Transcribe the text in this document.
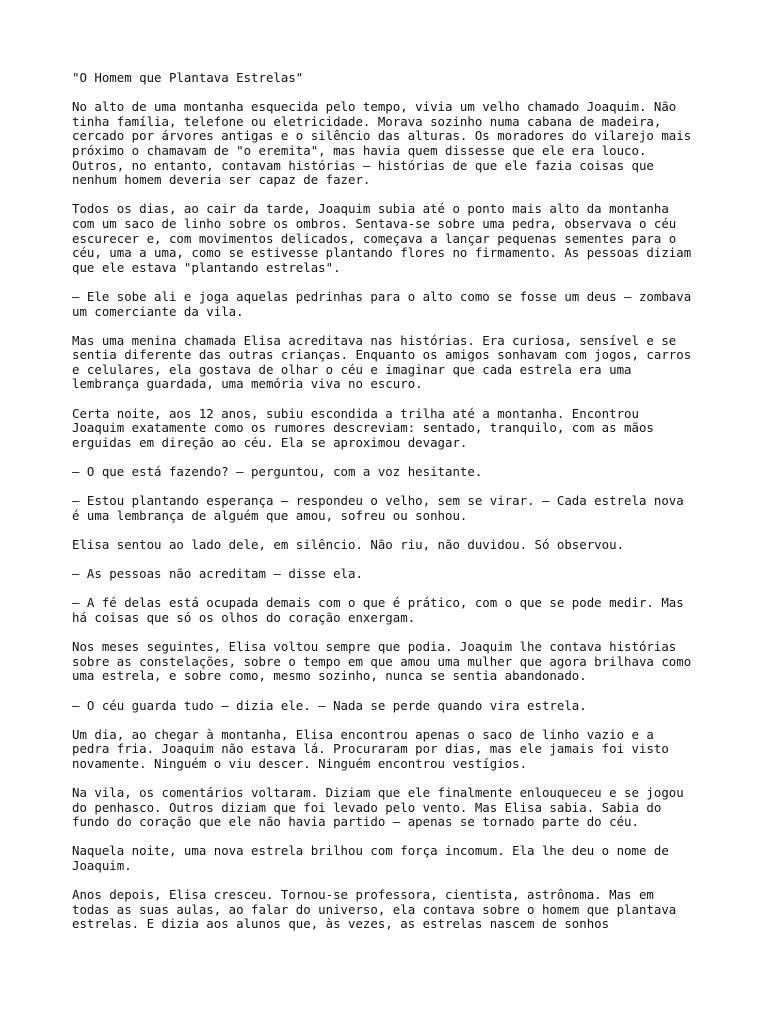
"O Homem que Plantava Estrelas"

No alto de uma montanha esquecida pelo tempo, vivia um velho chamado Joaquim. Não
tinha família, telefone ou eletricidade. Morava sozinho numa cabana de madeira,
cercado por árvores antigas e o silêncio das alturas. Os moradores do vilarejo mais
próximo o chamavam de "o eremita", mas havia quem dissesse que ele era louco.
Outros, no entanto, contavam histórias — histórias de que ele fazia coisas que
nenhum homem deveria ser capaz de fazer.

Todos os dias, ao cair da tarde, Joaquim subia até o ponto mais alto da montanha
com um saco de linho sobre os ombros. Sentava-se sobre uma pedra, observava o céu
escurecer e, com movimentos delicados, começava a lançar pequenas sementes para o
céu, uma a uma, como se estivesse plantando flores no firmamento. As pessoas diziam
que ele estava "plantando estrelas".

— Ele sobe ali e joga aquelas pedrinhas para o alto como se fosse um deus — zombava
um comerciante da vila.

Mas uma menina chamada Elisa acreditava nas histórias. Era curiosa, sensível e se
sentia diferente das outras crianças. Enquanto os amigos sonhavam com jogos, carros
e celulares, ela gostava de olhar o céu e imaginar que cada estrela era uma
lembrança guardada, uma memória viva no escuro.

Certa noite, aos 12 anos, subiu escondida a trilha até a montanha. Encontrou
Joaquim exatamente como os rumores descreviam: sentado, tranquilo, com as mãos
erguidas em direção ao céu. Ela se aproximou devagar.

— O que está fazendo? — perguntou, com a voz hesitante.

— Estou plantando esperança — respondeu o velho, sem se virar. — Cada estrela nova
é uma lembrança de alguém que amou, sofreu ou sonhou.

Elisa sentou ao lado dele, em silêncio. Não riu, não duvidou. Só observou.

— As pessoas não acreditam — disse ela.

— A fé delas está ocupada demais com o que é prático, com o que se pode medir. Mas
há coisas que só os olhos do coração enxergam.

Nos meses seguintes, Elisa voltou sempre que podia. Joaquim lhe contava histórias
sobre as constelações, sobre o tempo em que amou uma mulher que agora brilhava como
uma estrela, e sobre como, mesmo sozinho, nunca se sentia abandonado.

— O céu guarda tudo — dizia ele. — Nada se perde quando vira estrela.

Um dia, ao chegar à montanha, Elisa encontrou apenas o saco de linho vazio e a
pedra fria. Joaquim não estava lá. Procuraram por dias, mas ele jamais foi visto
novamente. Ninguém o viu descer. Ninguém encontrou vestígios.

Na vila, os comentários voltaram. Diziam que ele finalmente enlouqueceu e se jogou
do penhasco. Outros diziam que foi levado pelo vento. Mas Elisa sabia. Sabia do
fundo do coração que ele não havia partido — apenas se tornado parte do céu.

Naquela noite, uma nova estrela brilhou com força incomum. Ela lhe deu o nome de
Joaquim.

Anos depois, Elisa cresceu. Tornou-se professora, cientista, astrônoma. Mas em
todas as suas aulas, ao falar do universo, ela contava sobre o homem que plantava
estrelas. E dizia aos alunos que, às vezes, as estrelas nascem de sonhos
